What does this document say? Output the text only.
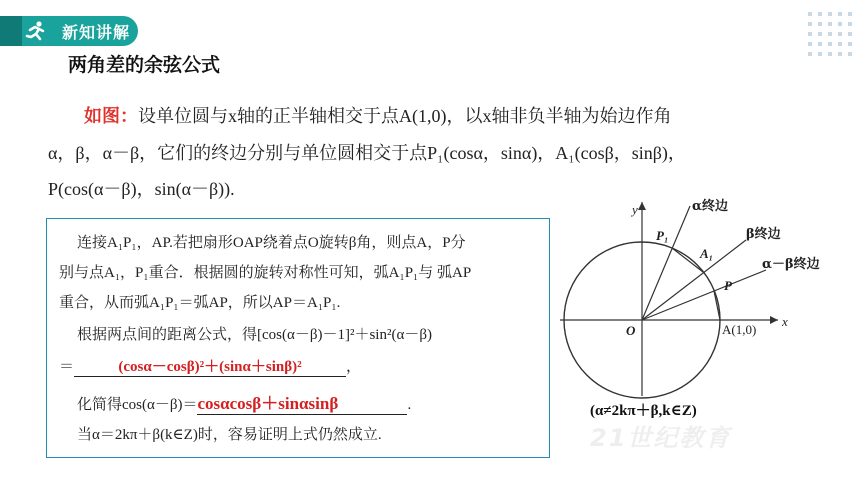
新知讲解
两角差的余弦公式
如图：设单位圆与x轴的正半轴相交于点A(1,0)，以x轴非负半轴为始边作角
α，β，α－β，它们的终边分别与单位圆相交于点P₁(cosα，sinα)，A₁(cosβ，sinβ)，
P(cos(α－β)，sin(α－β)).
连接A₁P₁，AP.若把扇形OAP绕着点O旋转β角，则点A，P分
别与点A₁，P₁重合．根据圆的旋转对称性可知，弧A₁P₁与 弧AP
重合，从而弧A₁P₁＝弧AP，所以AP＝A₁P₁.
根据两点间的距离公式，得[cos(α－β)－1]²＋sin²(α－β)
＝	(cosα－cosβ)²＋(sinα＋sinβ)²	，
化简得cos(α－β)＝cosαcosβ＋sinαsinβ	.
当α＝2kπ＋β(k∈Z)时，容易证明上式仍然成立.
y
x
O	A(1,0)
P₁
A₁
P
α终边
β终边
α－β终边
(α≠2kπ＋β,k∈Z)
21世纪教育
